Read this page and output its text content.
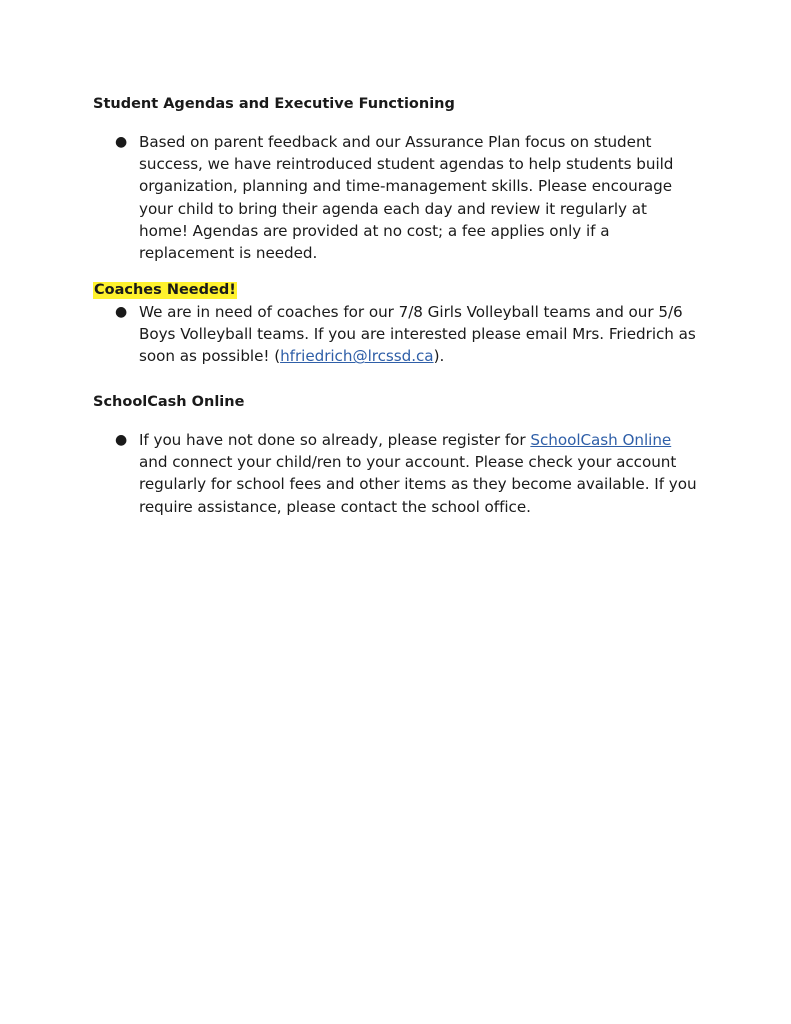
Student Agendas and Executive Functioning
● Based on parent feedback and our Assurance Plan focus on student
success, we have reintroduced student agendas to help students build
organization, planning and time-management skills. Please encourage
your child to bring their agenda each day and review it regularly at
home! Agendas are provided at no cost; a fee applies only if a
replacement is needed.
Coaches Needed!
● We are in need of coaches for our 7/8 Girls Volleyball teams and our 5/6
Boys Volleyball teams. If you are interested please email Mrs. Friedrich as
soon as possible! (hfriedrich@lrcssd.ca).
SchoolCash Online
● If you have not done so already, please register for SchoolCash Online
and connect your child/ren to your account. Please check your account
regularly for school fees and other items as they become available. If you
require assistance, please contact the school office.
